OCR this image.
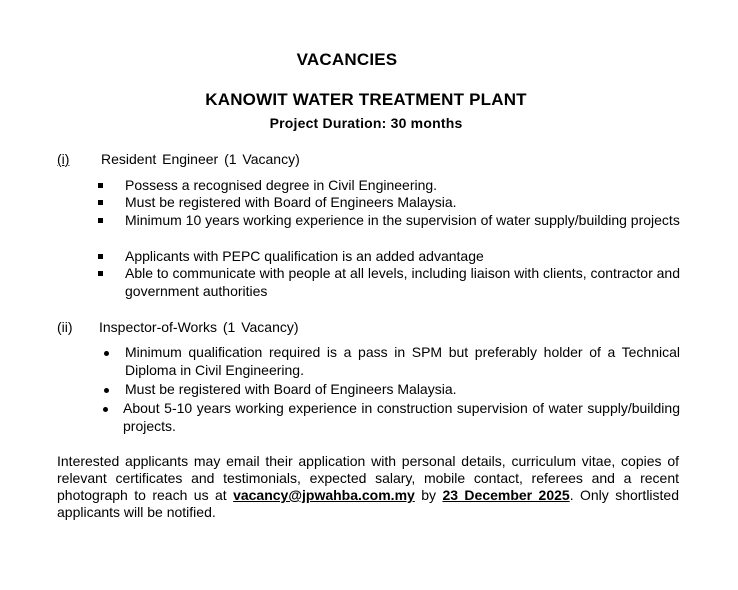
VACANCIES
KANOWIT WATER TREATMENT PLANT
Project Duration: 30 months
(i) Resident Engineer (1 Vacancy)
Possess a recognised degree in Civil Engineering.
Must be registered with Board of Engineers Malaysia.
Minimum 10 years working experience in the supervision of water supply/building projects
Applicants with PEPC qualification is an added advantage
Able to communicate with people at all levels, including liaison with clients, contractor and government authorities
(ii) Inspector-of-Works (1 Vacancy)
Minimum qualification required is a pass in SPM but preferably holder of a Technical Diploma in Civil Engineering.
Must be registered with Board of Engineers Malaysia.
About 5-10 years working experience in construction supervision of water supply/building projects.
Interested applicants may email their application with personal details, curriculum vitae, copies of relevant certificates and testimonials, expected salary, mobile contact, referees and a recent photograph to reach us at vacancy@jpwahba.com.my by 23 December 2025. Only shortlisted applicants will be notified.
